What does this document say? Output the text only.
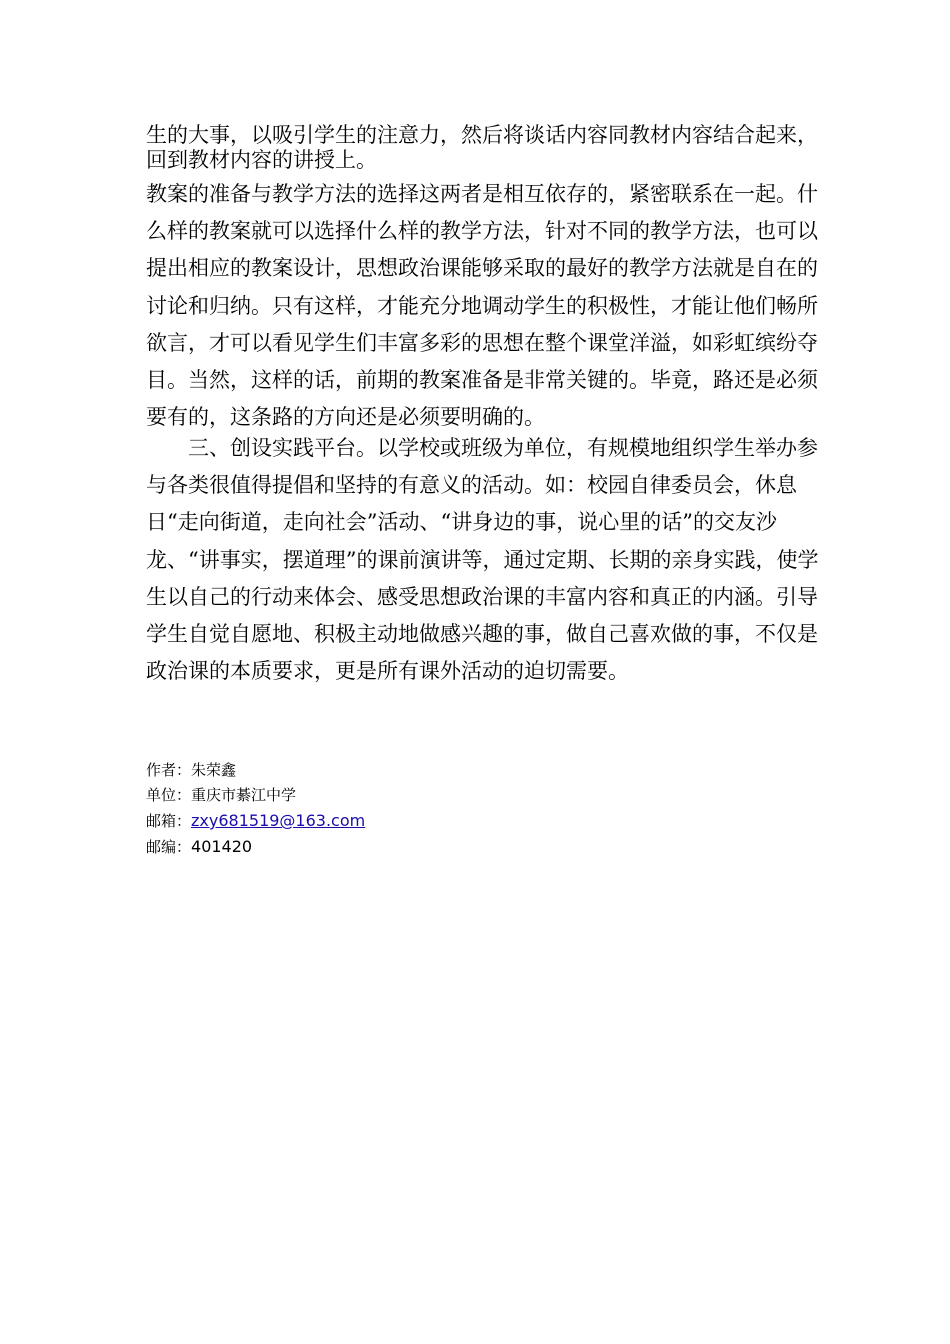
生的大事，以吸引学生的注意力，然后将谈话内容同教材内容结合起来，回到教材内容的讲授上。

教案的准备与教学方法的选择这两者是相互依存的，紧密联系在一起。什么样的教案就可以选择什么样的教学方法，针对不同的教学方法，也可以提出相应的教案设计，思想政治课能够采取的最好的教学方法就是自在的讨论和归纳。只有这样，才能充分地调动学生的积极性，才能让他们畅所欲言，才可以看见学生们丰富多彩的思想在整个课堂洋溢，如彩虹缤纷夺目。当然，这样的话，前期的教案准备是非常关键的。毕竟，路还是必须要有的，这条路的方向还是必须要明确的。

三、创设实践平台。以学校或班级为单位，有规模地组织学生举办参与各类很值得提倡和坚持的有意义的活动。如：校园自律委员会，休息日“走向街道，走向社会”活动、“讲身边的事，说心里的话”的交友沙龙、“讲事实，摆道理”的课前演讲等，通过定期、长期的亲身实践，使学生以自己的行动来体会、感受思想政治课的丰富内容和真正的内涵。引导学生自觉自愿地、积极主动地做感兴趣的事，做自己喜欢做的事，不仅是政治课的本质要求，更是所有课外活动的迫切需要。

作者：朱荣鑫
单位：重庆市綦江中学
邮箱：zxy681519@163.com
邮编：401420
